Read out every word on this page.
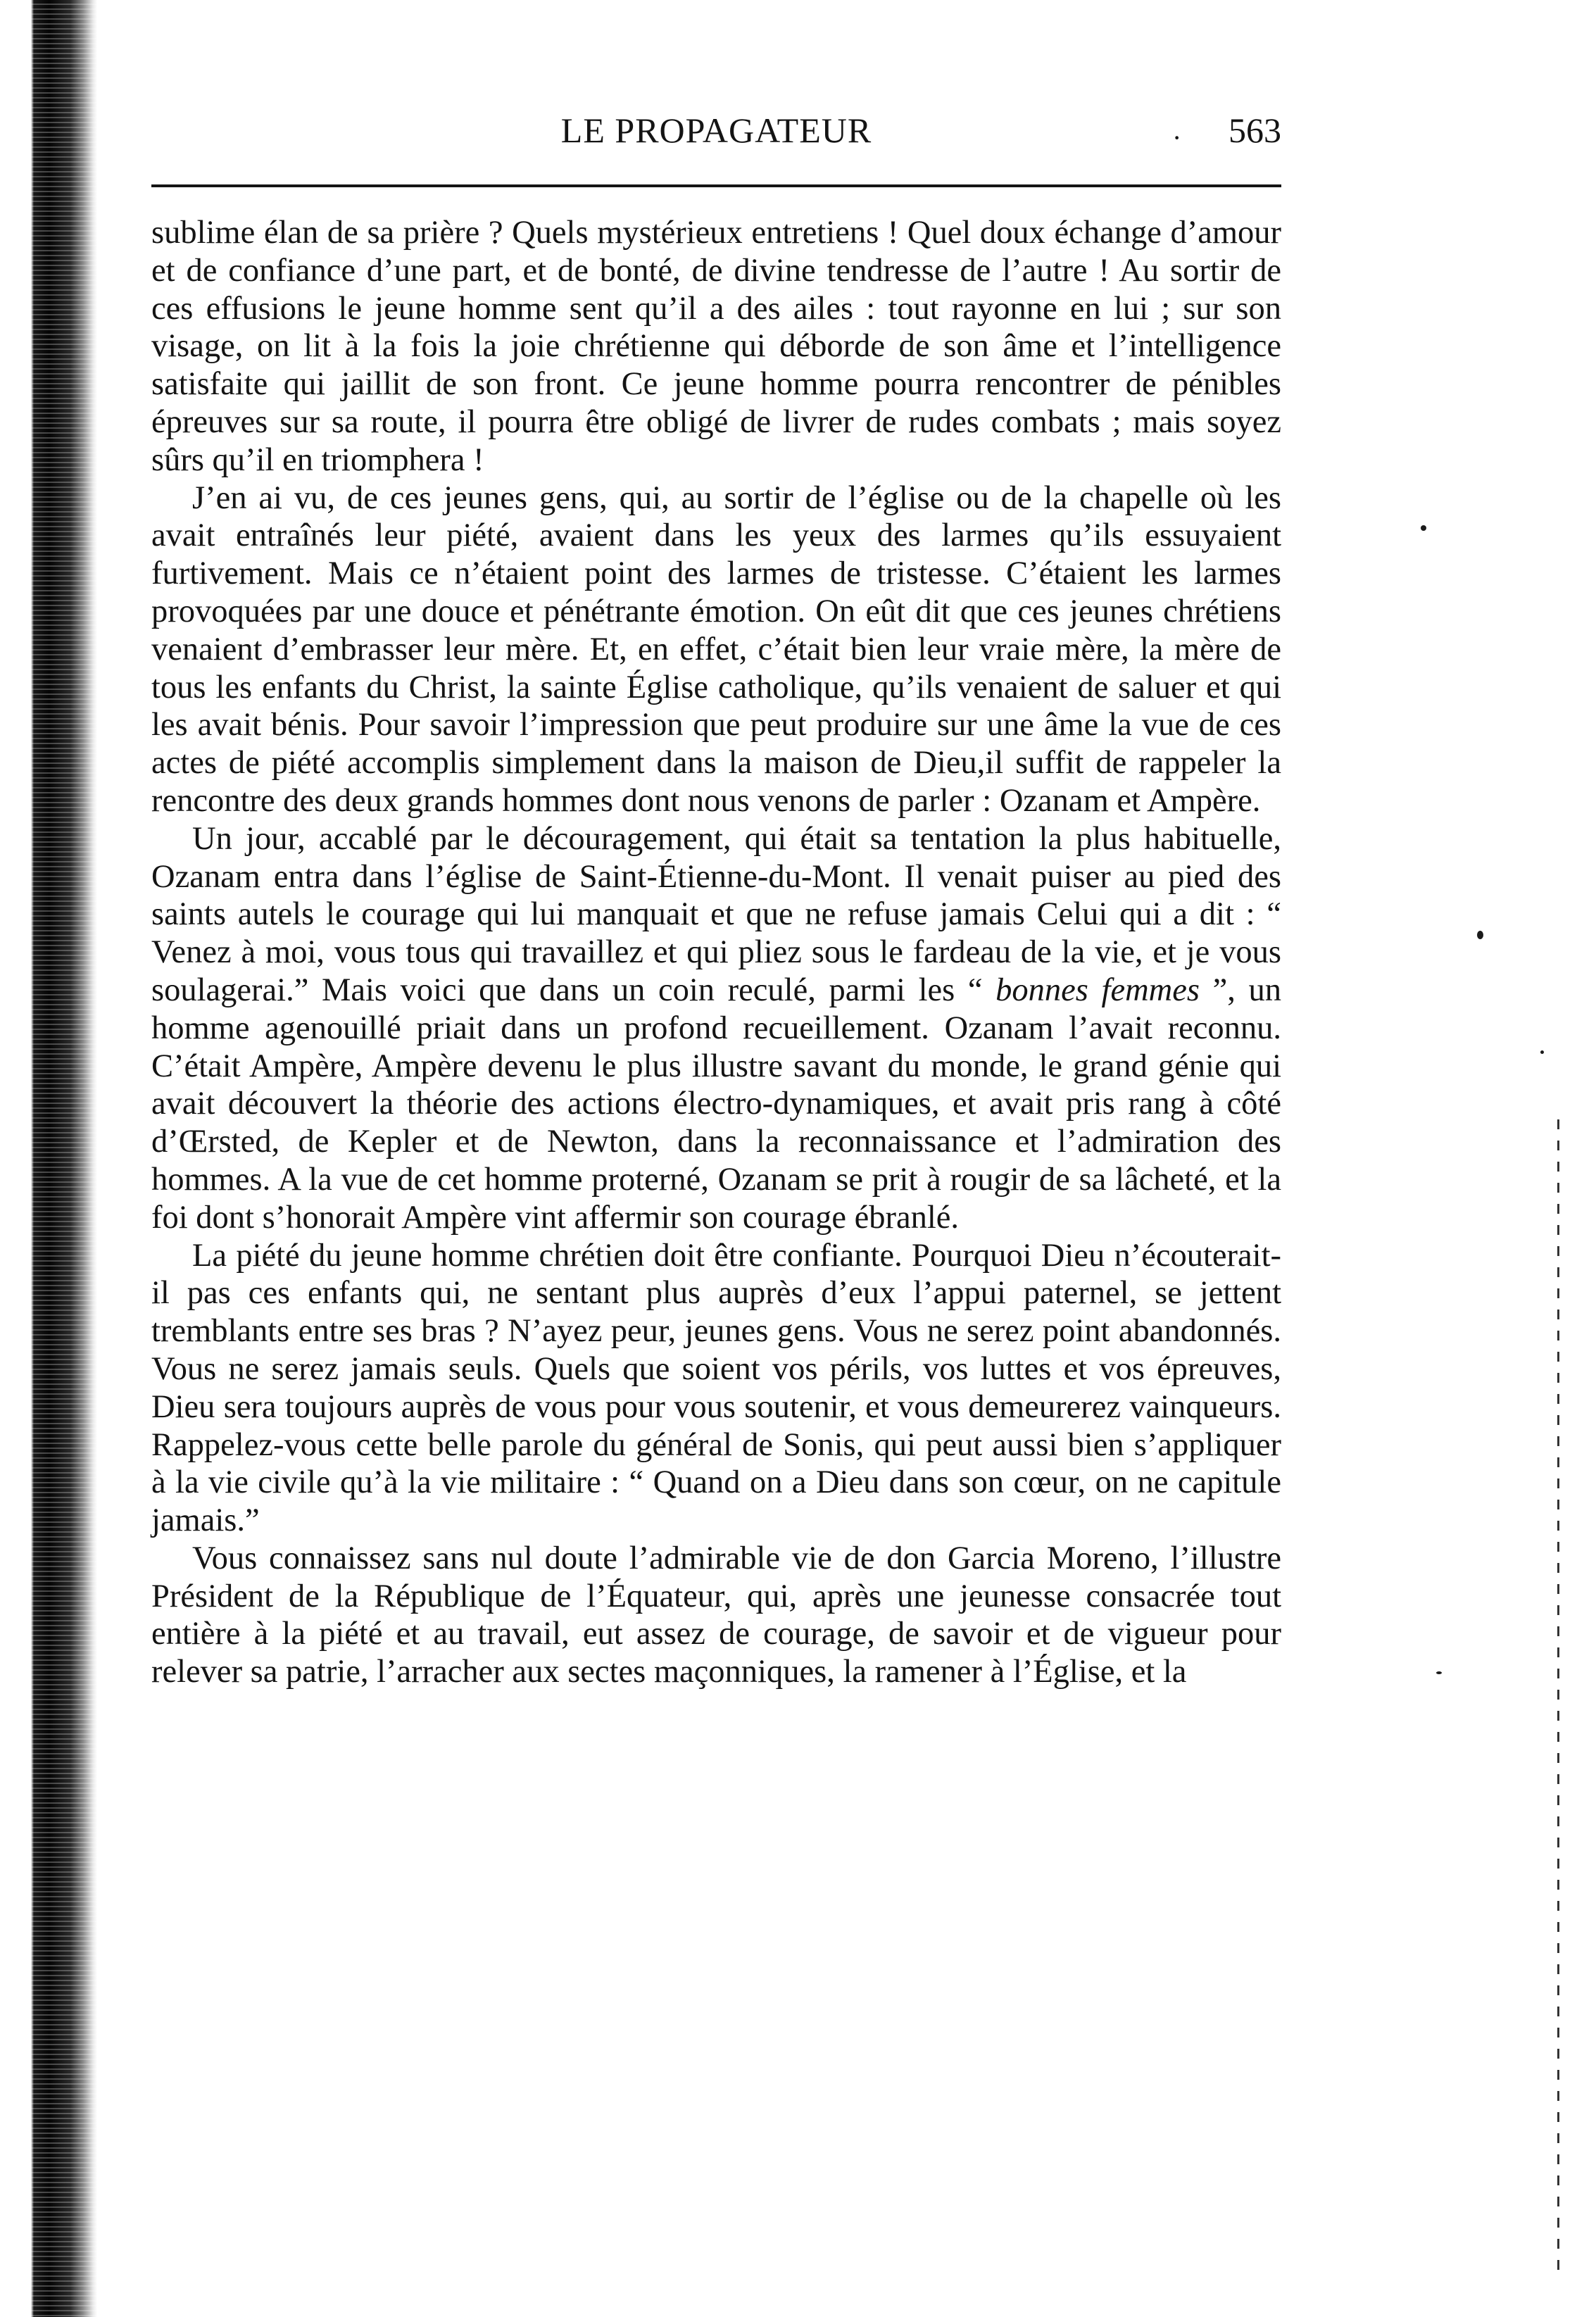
LE PROPAGATEUR	· 563

sublime élan de sa prière ? Quels mystérieux entretiens ! Quel doux échange d’amour et de confiance d’une part, et de bonté, de divine tendresse de l’autre ! Au sortir de ces effusions le jeune homme sent qu’il a des ailes : tout rayonne en lui ; sur son visage, on lit à la fois la joie chrétienne qui déborde de son âme et l’intelligence satisfaite qui jaillit de son front. Ce jeune homme pourra rencontrer de pénibles épreuves sur sa route, il pourra être obligé de livrer de rudes combats ; mais soyez sûrs qu’il en triomphera !

J’en ai vu, de ces jeunes gens, qui, au sortir de l’église ou de la chapelle où les avait entraînés leur piété, avaient dans les yeux des larmes qu’ils essuyaient furtivement. Mais ce n’étaient point des larmes de tristesse. C’étaient les larmes provoquées par une douce et pénétrante émotion. On eût dit que ces jeunes chrétiens venaient d’embrasser leur mère. Et, en effet, c’était bien leur vraie mère, la mère de tous les enfants du Christ, la sainte Église catholique, qu’ils venaient de saluer et qui les avait bénis. Pour savoir l’impression que peut produire sur une âme la vue de ces actes de piété accomplis simplement dans la maison de Dieu,il suffit de rappeler la rencontre des deux grands hommes dont nous venons de parler : Ozanam et Ampère.

Un jour, accablé par le découragement, qui était sa tentation la plus habituelle, Ozanam entra dans l’église de Saint-Étienne-du-Mont. Il venait puiser au pied des saints autels le courage qui lui manquait et que ne refuse jamais Celui qui a dit : “ Venez à moi, vous tous qui travaillez et qui pliez sous le fardeau de la vie, et je vous soulagerai.” Mais voici que dans un coin reculé, parmi les “ bonnes femmes ”, un homme agenouillé priait dans un profond recueillement. Ozanam l’avait reconnu. C’était Ampère, Ampère devenu le plus illustre savant du monde, le grand génie qui avait découvert la théorie des actions électro-dynamiques, et avait pris rang à côté d’Œrsted, de Kepler et de Newton, dans la reconnaissance et l’admiration des hommes. A la vue de cet homme proterné, Ozanam se prit à rougir de sa lâcheté, et la foi dont s’honorait Ampère vint affermir son courage ébranlé.

La piété du jeune homme chrétien doit être confiante. Pourquoi Dieu n’écouterait-il pas ces enfants qui, ne sentant plus auprès d’eux l’appui paternel, se jettent tremblants entre ses bras ? N’ayez peur, jeunes gens. Vous ne serez point abandonnés. Vous ne serez jamais seuls. Quels que soient vos périls, vos luttes et vos épreuves, Dieu sera toujours auprès de vous pour vous soutenir, et vous demeurerez vainqueurs. Rappelez-vous cette belle parole du général de Sonis, qui peut aussi bien s’appliquer à la vie civile qu’à la vie militaire : “ Quand on a Dieu dans son cœur, on ne capitule jamais.”

Vous connaissez sans nul doute l’admirable vie de don Garcia Moreno, l’illustre Président de la République de l’Équateur, qui, après une jeunesse consacrée tout entière à la piété et au travail, eut assez de courage, de savoir et de vigueur pour relever sa patrie, l’arracher aux sectes maçonniques, la ramener à l’Église, et la
